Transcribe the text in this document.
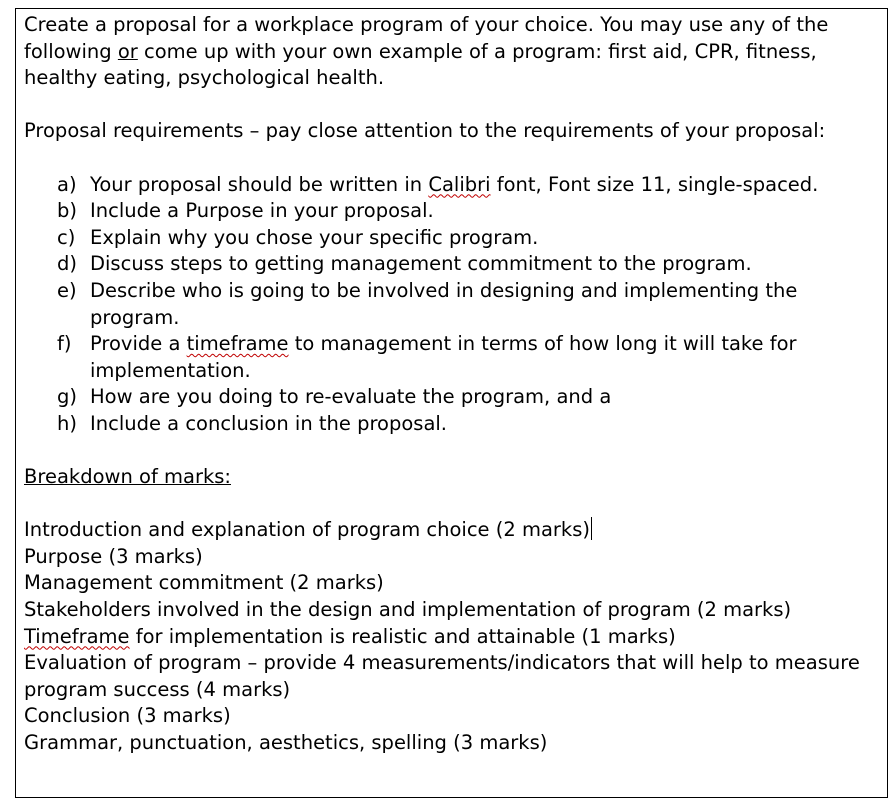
Create a proposal for a workplace program of your choice. You may use any of the

following or come up with your own example of a program: first aid, CPR, fitness,

healthy eating, psychological health.

Proposal requirements – pay close attention to the requirements of your proposal:

a) Your proposal should be written in Calibri font, Font size 11, single-spaced.
b) Include a Purpose in your proposal.
c) Explain why you chose your specific program.
d) Discuss steps to getting management commitment to the program.
e) Describe who is going to be involved in designing and implementing the program.
f) Provide a timeframe to management in terms of how long it will take for implementation.
g) How are you doing to re-evaluate the program, and a
h) Include a conclusion in the proposal.

Breakdown of marks:

Introduction and explanation of program choice (2 marks)

Purpose (3 marks)

Management commitment (2 marks)

Stakeholders involved in the design and implementation of program (2 marks)

Timeframe for implementation is realistic and attainable (1 marks)

Evaluation of program – provide 4 measurements/indicators that will help to measure program success (4 marks)

Conclusion (3 marks)

Grammar, punctuation, aesthetics, spelling (3 marks)
